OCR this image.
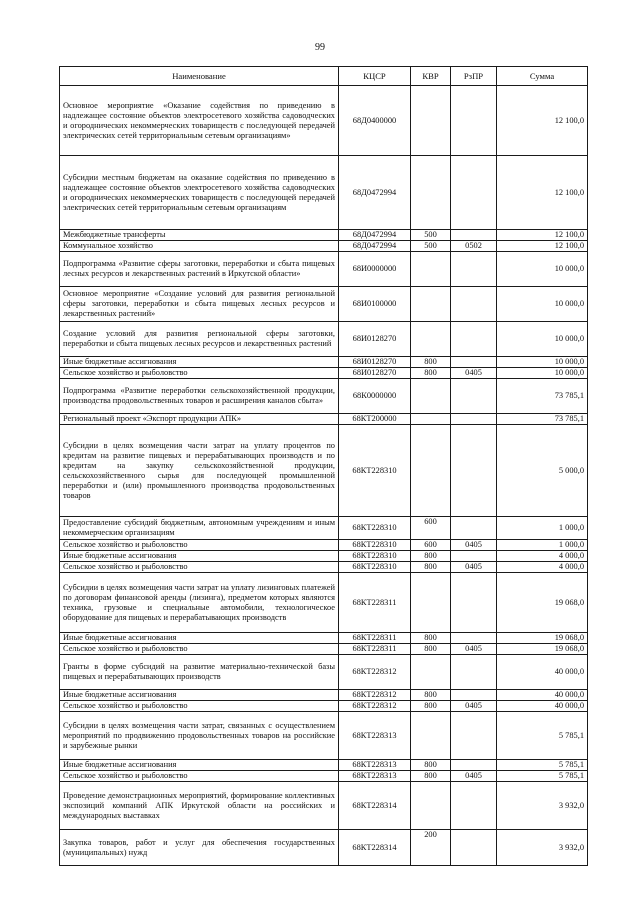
99
Наименование	КЦСР	КВР	РзПР	Сумма
Основное мероприятие «Оказание содействия по приведению в надлежащее состояние объектов электросетевого хозяйства садоводческих и огороднических некоммерческих товариществ с последующей передачей электрических сетей территориальным сетевым организациям»	68Д0400000			12 100,0
Субсидии местным бюджетам на оказание содействия по приведению в надлежащее состояние объектов электросетевого хозяйства садоводческих и огороднических некоммерческих товариществ с последующей передачей электрических сетей территориальным сетевым организациям	68Д0472994			12 100,0
Межбюджетные трансферты	68Д0472994	500		12 100,0
Коммунальное хозяйство	68Д0472994	500	0502	12 100,0
Подпрограмма «Развитие сферы заготовки, переработки и сбыта пищевых лесных ресурсов и лекарственных растений в Иркутской области»	68И0000000			10 000,0
Основное мероприятие «Создание условий для развития региональной сферы заготовки, переработки и сбыта пищевых лесных ресурсов и лекарственных растений»	68И0100000			10 000,0
Создание условий для развития региональной сферы заготовки, переработки и сбыта пищевых лесных ресурсов и лекарственных растений	68И0128270			10 000,0
Иные бюджетные ассигнования	68И0128270	800		10 000,0
Сельское хозяйство и рыболовство	68И0128270	800	0405	10 000,0
Подпрограмма «Развитие переработки сельскохозяйственной продукции, производства продовольственных товаров и расширения каналов сбыта»	68К0000000			73 785,1
Региональный проект «Экспорт продукции АПК»	68КТ200000			73 785,1
Субсидии в целях возмещения части затрат на уплату процентов по кредитам на развитие пищевых и перерабатывающих производств и по кредитам на закупку сельскохозяйственной продукции, сельскохозяйственного сырья для последующей промышленной переработки и (или) промышленного производства продовольственных товаров	68КТ228310			5 000,0
Предоставление субсидий бюджетным, автономным учреждениям и иным некоммерческим организациям	68КТ228310	600		1 000,0
Сельское хозяйство и рыболовство	68КТ228310	600	0405	1 000,0
Иные бюджетные ассигнования	68КТ228310	800		4 000,0
Сельское хозяйство и рыболовство	68КТ228310	800	0405	4 000,0
Субсидии в целях возмещения части затрат на уплату лизинговых платежей по договорам финансовой аренды (лизинга), предметом которых являются техника, грузовые и специальные автомобили, технологическое оборудование для пищевых и перерабатывающих производств	68КТ228311			19 068,0
Иные бюджетные ассигнования	68КТ228311	800		19 068,0
Сельское хозяйство и рыболовство	68КТ228311	800	0405	19 068,0
Гранты в форме субсидий на развитие материально-технической базы пищевых и перерабатывающих производств	68КТ228312			40 000,0
Иные бюджетные ассигнования	68КТ228312	800		40 000,0
Сельское хозяйство и рыболовство	68КТ228312	800	0405	40 000,0
Субсидии в целях возмещения части затрат, связанных с осуществлением мероприятий по продвижению продовольственных товаров на российские и зарубежные рынки	68КТ228313			5 785,1
Иные бюджетные ассигнования	68КТ228313	800		5 785,1
Сельское хозяйство и рыболовство	68КТ228313	800	0405	5 785,1
Проведение демонстрационных мероприятий, формирование коллективных экспозиций компаний АПК Иркутской области на российских и международных выставках	68КТ228314			3 932,0
Закупка товаров, работ и услуг для обеспечения государственных (муниципальных) нужд	68КТ228314	200		3 932,0
